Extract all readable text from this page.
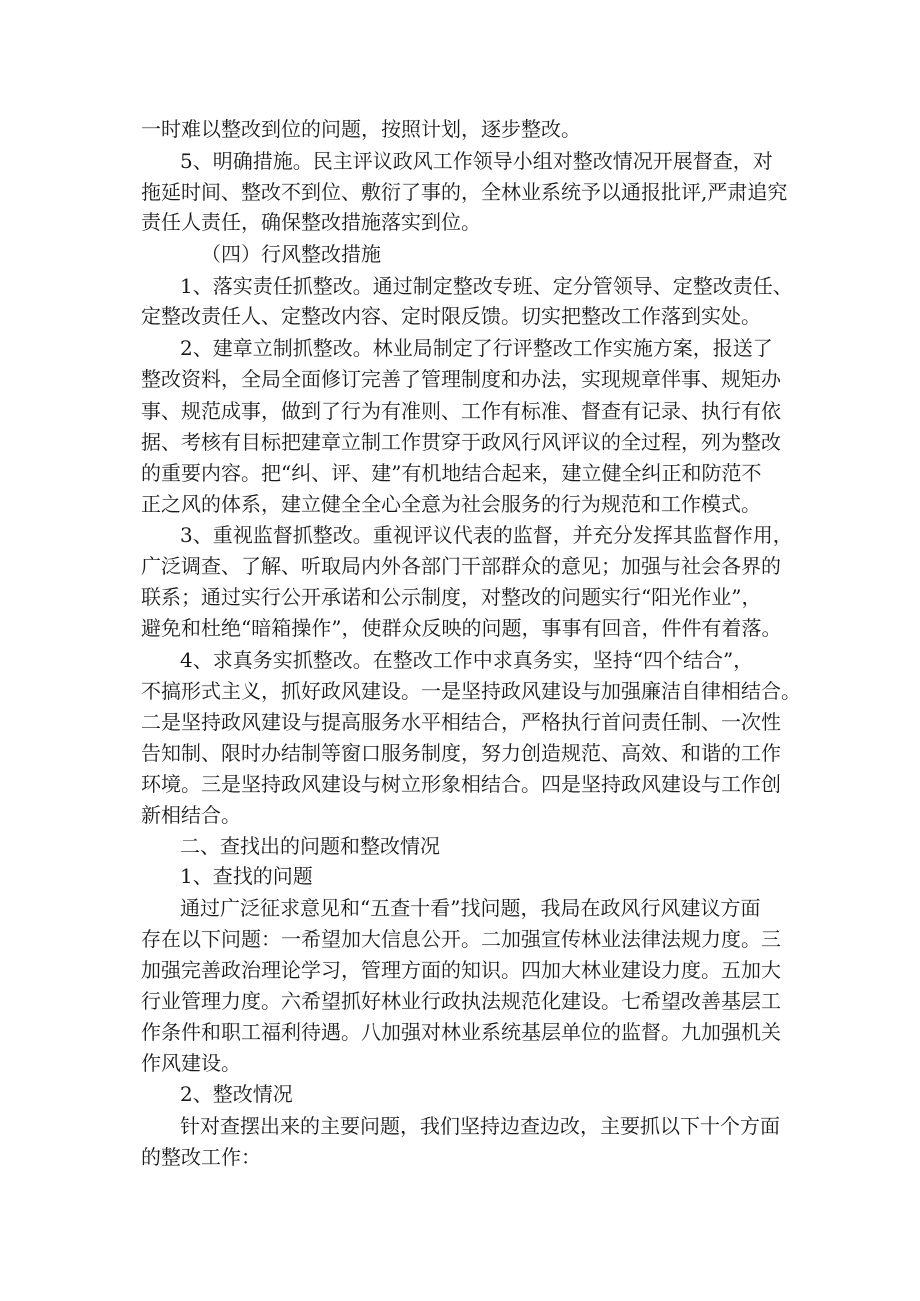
一时难以整改到位的问题，按照计划，逐步整改。
5、明确措施。民主评议政风工作领导小组对整改情况开展督查，对
拖延时间、整改不到位、敷衍了事的，全林业系统予以通报批评,严肃追究
责任人责任，确保整改措施落实到位。
（四）行风整改措施
1、落实责任抓整改。通过制定整改专班、定分管领导、定整改责任、
定整改责任人、定整改内容、定时限反馈。切实把整改工作落到实处。
2、建章立制抓整改。林业局制定了行评整改工作实施方案，报送了
整改资料，全局全面修订完善了管理制度和办法，实现规章伴事、规矩办
事、规范成事，做到了行为有准则、工作有标准、督查有记录、执行有依
据、考核有目标把建章立制工作贯穿于政风行风评议的全过程，列为整改
的重要内容。把“纠、评、建”有机地结合起来，建立健全纠正和防范不
正之风的体系，建立健全全心全意为社会服务的行为规范和工作模式。
3、重视监督抓整改。重视评议代表的监督，并充分发挥其监督作用，
广泛调查、了解、听取局内外各部门干部群众的意见；加强与社会各界的
联系；通过实行公开承诺和公示制度，对整改的问题实行“阳光作业”，
避免和杜绝“暗箱操作”，使群众反映的问题，事事有回音，件件有着落。
4、求真务实抓整改。在整改工作中求真务实，坚持“四个结合”，
不搞形式主义，抓好政风建设。一是坚持政风建设与加强廉洁自律相结合。
二是坚持政风建设与提高服务水平相结合，严格执行首问责任制、一次性
告知制、限时办结制等窗口服务制度，努力创造规范、高效、和谐的工作
环境。三是坚持政风建设与树立形象相结合。四是坚持政风建设与工作创
新相结合。
二、查找出的问题和整改情况
1、查找的问题
通过广泛征求意见和“五查十看”找问题，我局在政风行风建议方面
存在以下问题：一希望加大信息公开。二加强宣传林业法律法规力度。三
加强完善政治理论学习，管理方面的知识。四加大林业建设力度。五加大
行业管理力度。六希望抓好林业行政执法规范化建设。七希望改善基层工
作条件和职工福利待遇。八加强对林业系统基层单位的监督。九加强机关
作风建设。
2、整改情况
针对查摆出来的主要问题，我们坚持边查边改，主要抓以下十个方面
的整改工作：
